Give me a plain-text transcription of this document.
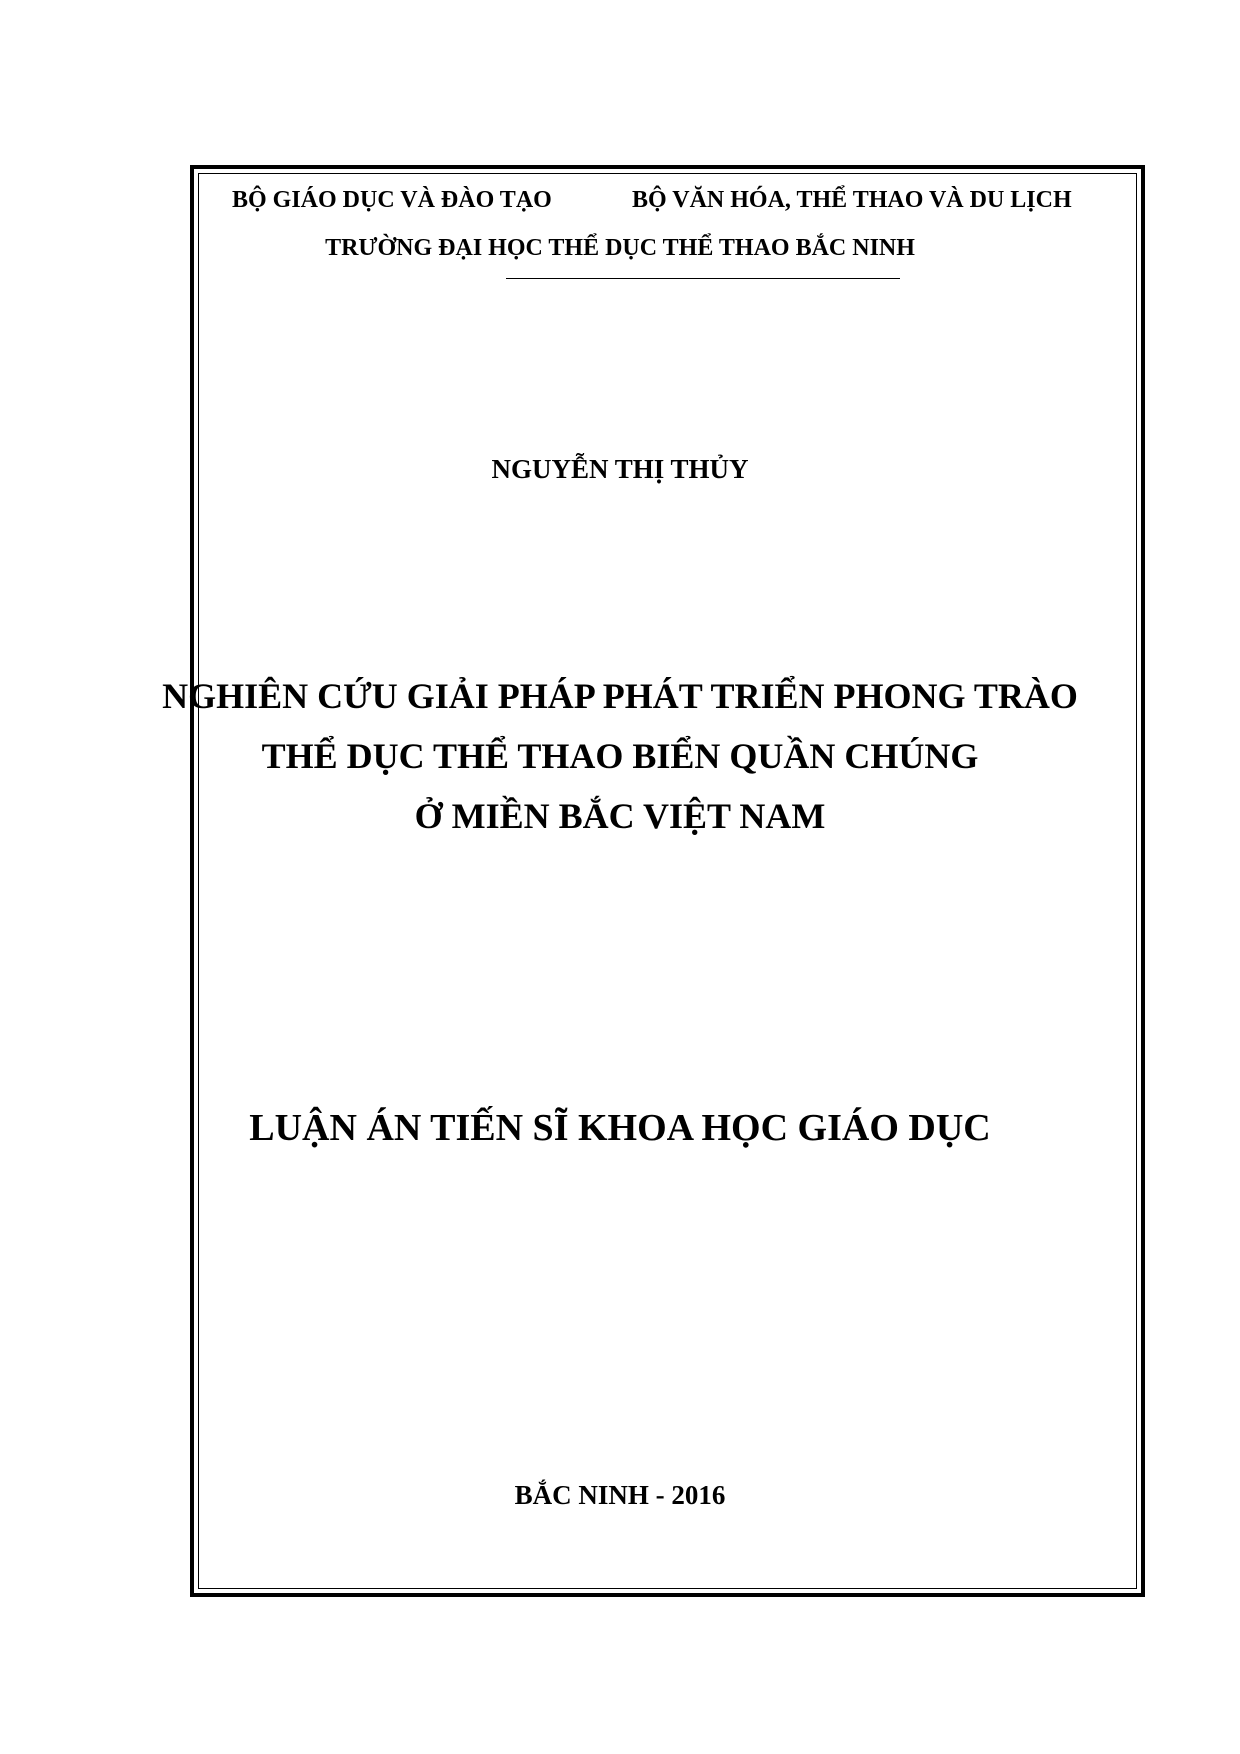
BỘ GIÁO DỤC VÀ ĐÀO TẠO	BỘ VĂN HÓA, THỂ THAO VÀ DU LỊCH
TRƯỜNG ĐẠI HỌC THỂ DỤC THỂ THAO BẮC NINH
NGUYỄN THỊ THỦY
NGHIÊN CỨU GIẢI PHÁP PHÁT TRIỂN PHONG TRÀO
THỂ DỤC THỂ THAO BIỂN QUẦN CHÚNG
Ở MIỀN BẮC VIỆT NAM
LUẬN ÁN TIẾN SĨ KHOA HỌC GIÁO DỤC
BẮC NINH - 2016
